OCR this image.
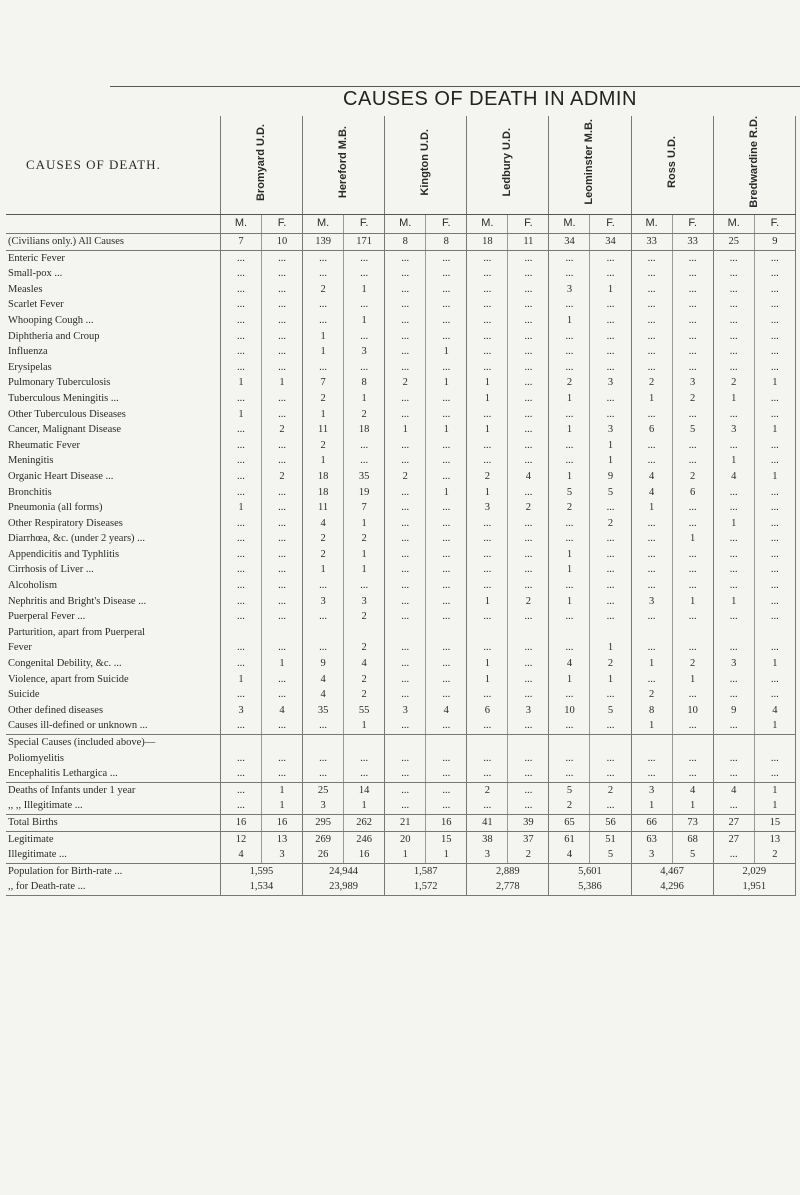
CAUSES OF DEATH IN ADMIN
CAUSES OF DEATH.	Bromyard U.D.		Hereford M.B.		Kington U.D.		Ledbury U.D.		Leominster M.B.		Ross U.D.		Bredwardine R.D.	
	M.	F.	M.	F.	M.	F.	M.	F.	M.	F.	M.	F.	M.	F.
(Civilians only.) All Causes	7	10	139	171	8	8	18	11	34	34	33	33	25	9
Enteric Fever	...	...	...	...	...	...	...	...	...	...	...	...	...	...
Small-pox ...	...	...	...	...	...	...	...	...	...	...	...	...	...	...
Measles	...	...	2	1	...	...	...	...	3	1	...	...	...	...
Scarlet Fever	...	...	...	...	...	...	...	...	...	...	...	...	...	...
Whooping Cough ...	...	...	...	1	...	...	...	...	1	...	...	...	...	...
Diphtheria and Croup	...	...	1	...	...	...	...	...	...	...	...	...	...	...
Influenza	...	...	1	3	...	1	...	...	...	...	...	...	...	...
Erysipelas	...	...	...	...	...	...	...	...	...	...	...	...	...	...
Pulmonary Tuberculosis	1	1	7	8	2	1	1	...	2	3	2	3	2	1
Tuberculous Meningitis ...	...	...	2	1	...	...	1	...	1	...	1	2	1	...
Other Tuberculous Diseases	1	...	1	2	...	...	...	...	...	...	...	...	...	...
Cancer, Malignant Disease	...	2	11	18	1	1	1	...	1	3	6	5	3	1
Rheumatic Fever	...	...	2	...	...	...	...	...	...	1	...	...	...	...
Meningitis	...	...	1	...	...	...	...	...	...	1	...	...	1	...
Organic Heart Disease ...	...	2	18	35	2	...	2	4	1	9	4	2	4	1
Bronchitis	...	...	18	19	...	1	1	...	5	5	4	6	...	...
Pneumonia (all forms)	1	...	11	7	...	...	3	2	2	...	1	...	...	...
Other Respiratory Diseases	...	...	4	1	...	...	...	...	...	2	...	...	1	...
Diarrhœa, &c. (under 2 years) ...	...	...	2	2	...	...	...	...	...	...	...	1	...	...
Appendicitis and Typhlitis	...	...	2	1	...	...	...	...	1	...	...	...	...	...
Cirrhosis of Liver ...	...	...	1	1	...	...	...	...	1	...	...	...	...	...
Alcoholism	...	...	...	...	...	...	...	...	...	...	...	...	...	...
Nephritis and Bright's Disease ...	...	...	3	3	...	...	1	2	1	...	3	1	1	...
Puerperal Fever ...	...	...	...	2	...	...	...	...	...	...	...	...	...	...
Parturition, apart from Puerperal														
Fever	...	...	...	2	...	...	...	...	...	1	...	...	...	...
Congenital Debility, &c. ...	...	1	9	4	...	...	1	...	4	2	1	2	3	1
Violence, apart from Suicide	1	...	4	2	...	...	1	...	1	1	...	1	...	...
Suicide	...	...	4	2	...	...	...	...	...	...	2	...	...	...
Other defined diseases	3	4	35	55	3	4	6	3	10	5	8	10	9	4
Causes ill-defined or unknown ...	...	...	...	1	...	...	...	...	...	...	1	...	...	1
Special Causes (included above)—														
Poliomyelitis	...	...	...	...	...	...	...	...	...	...	...	...	...	...
Encephalitis Lethargica ...	...	...	...	...	...	...	...	...	...	...	...	...	...	...
Deaths of Infants under 1 year	...	1	25	14	...	...	2	...	5	2	3	4	4	1
,, ,, Illegitimate ...	...	1	3	1	...	...	...	...	2	...	1	1	...	1
Total Births	16	16	295	262	21	16	41	39	65	56	66	73	27	15
Legitimate	12	13	269	246	20	15	38	37	61	51	63	68	27	13
Illegitimate ...	4	3	26	16	1	1	3	2	4	5	3	5	...	2
Population for Birth-rate ...	1,595		24,944		1,587		2,889		5,601		4,467		2,029	
,, for Death-rate ...	1,534		23,989		1,572		2,778		5,386		4,296		1,951	
